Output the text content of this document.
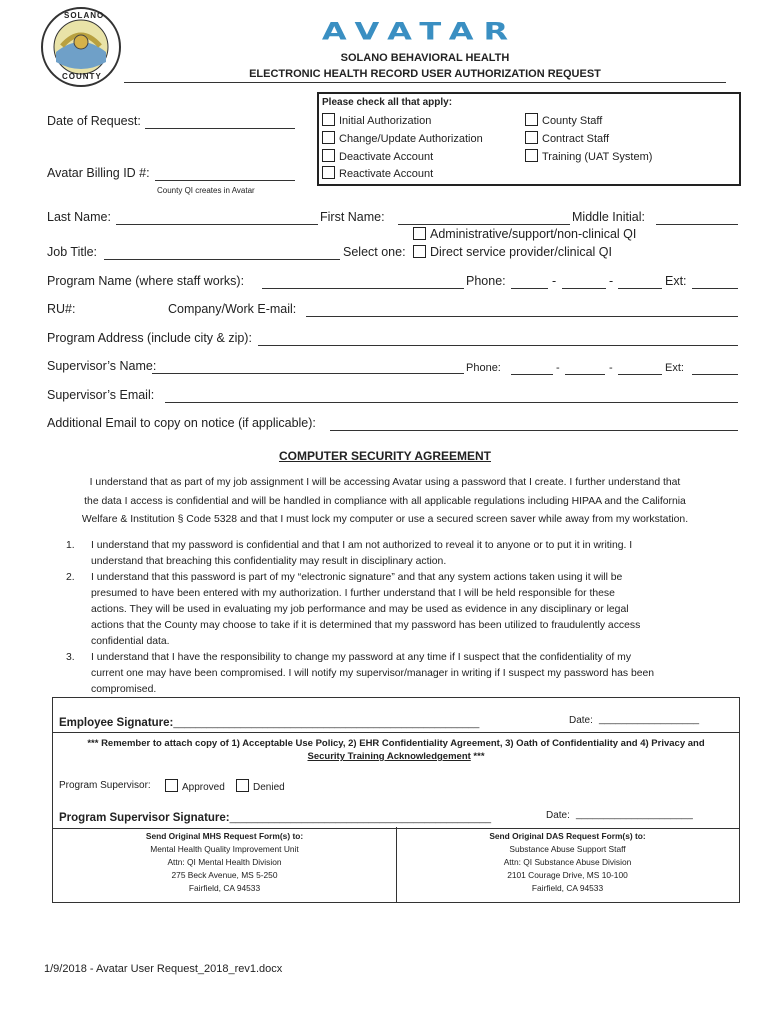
SOLANO
COUNTY
AVATAR
SOLANO BEHAVIORAL HEALTH
ELECTRONIC HEALTH RECORD USER AUTHORIZATION REQUEST
Date of Request:
Avatar Billing ID #:
County QI creates in Avatar
Please check all that apply:
Initial Authorization
Change/Update Authorization
Deactivate Account
Reactivate Account
County Staff
Contract Staff
Training (UAT System)
Last Name:	First Name:	Middle Initial:
Administrative/support/non-clinical QI
Job Title:	Select one:	Direct service provider/clinical QI
Program Name (where staff works):	Phone:	-	-	Ext:
RU#:	Company/Work E-mail:
Program Address (include city & zip):
Supervisor’s Name:	Phone:	-	-	Ext:
Supervisor’s Email:
Additional Email to copy on notice (if applicable):
COMPUTER SECURITY AGREEMENT
I understand that as part of my job assignment I will be accessing Avatar using a password that I create. I further understand that
the data I access is confidential and will be handled in compliance with all applicable regulations including HIPAA and the California
Welfare & Institution § Code 5328 and that I must lock my computer or use a secured screen saver while away from my workstation.
1. I understand that my password is confidential and that I am not authorized to reveal it to anyone or to put it in writing. I
understand that breaching this confidentiality may result in disciplinary action.
2. I understand that this password is part of my “electronic signature” and that any system actions taken using it will be
presumed to have been entered with my authorization. I further understand that I will be held responsible for these
actions. They will be used in evaluating my job performance and may be used as evidence in any disciplinary or legal
actions that the County may choose to take if it is determined that my password has been utilized to fraudulently access
confidential data.
3. I understand that I have the responsibility to change my password at any time if I suspect that the confidentiality of my
current one may have been compromised. I will notify my supervisor/manager in writing if I suspect my password has been
compromised.
Employee Signature:_______________________________________________________	Date: __________________
*** Remember to attach copy of 1) Acceptable Use Policy, 2) EHR Confidentiality Agreement, 3) Oath of Confidentiality and 4) Privacy and
Security Training Acknowledgement ***
Program Supervisor:	Approved	Denied
Program Supervisor Signature:_______________________________________________	Date: _____________________
Send Original MHS Request Form(s) to:
Mental Health Quality Improvement Unit
Attn: QI Mental Health Division
275 Beck Avenue, MS 5-250
Fairfield, CA 94533
Send Original DAS Request Form(s) to:
Substance Abuse Support Staff
Attn: QI Substance Abuse Division
2101 Courage Drive, MS 10-100
Fairfield, CA 94533
1/9/2018 - Avatar User Request_2018_rev1.docx
